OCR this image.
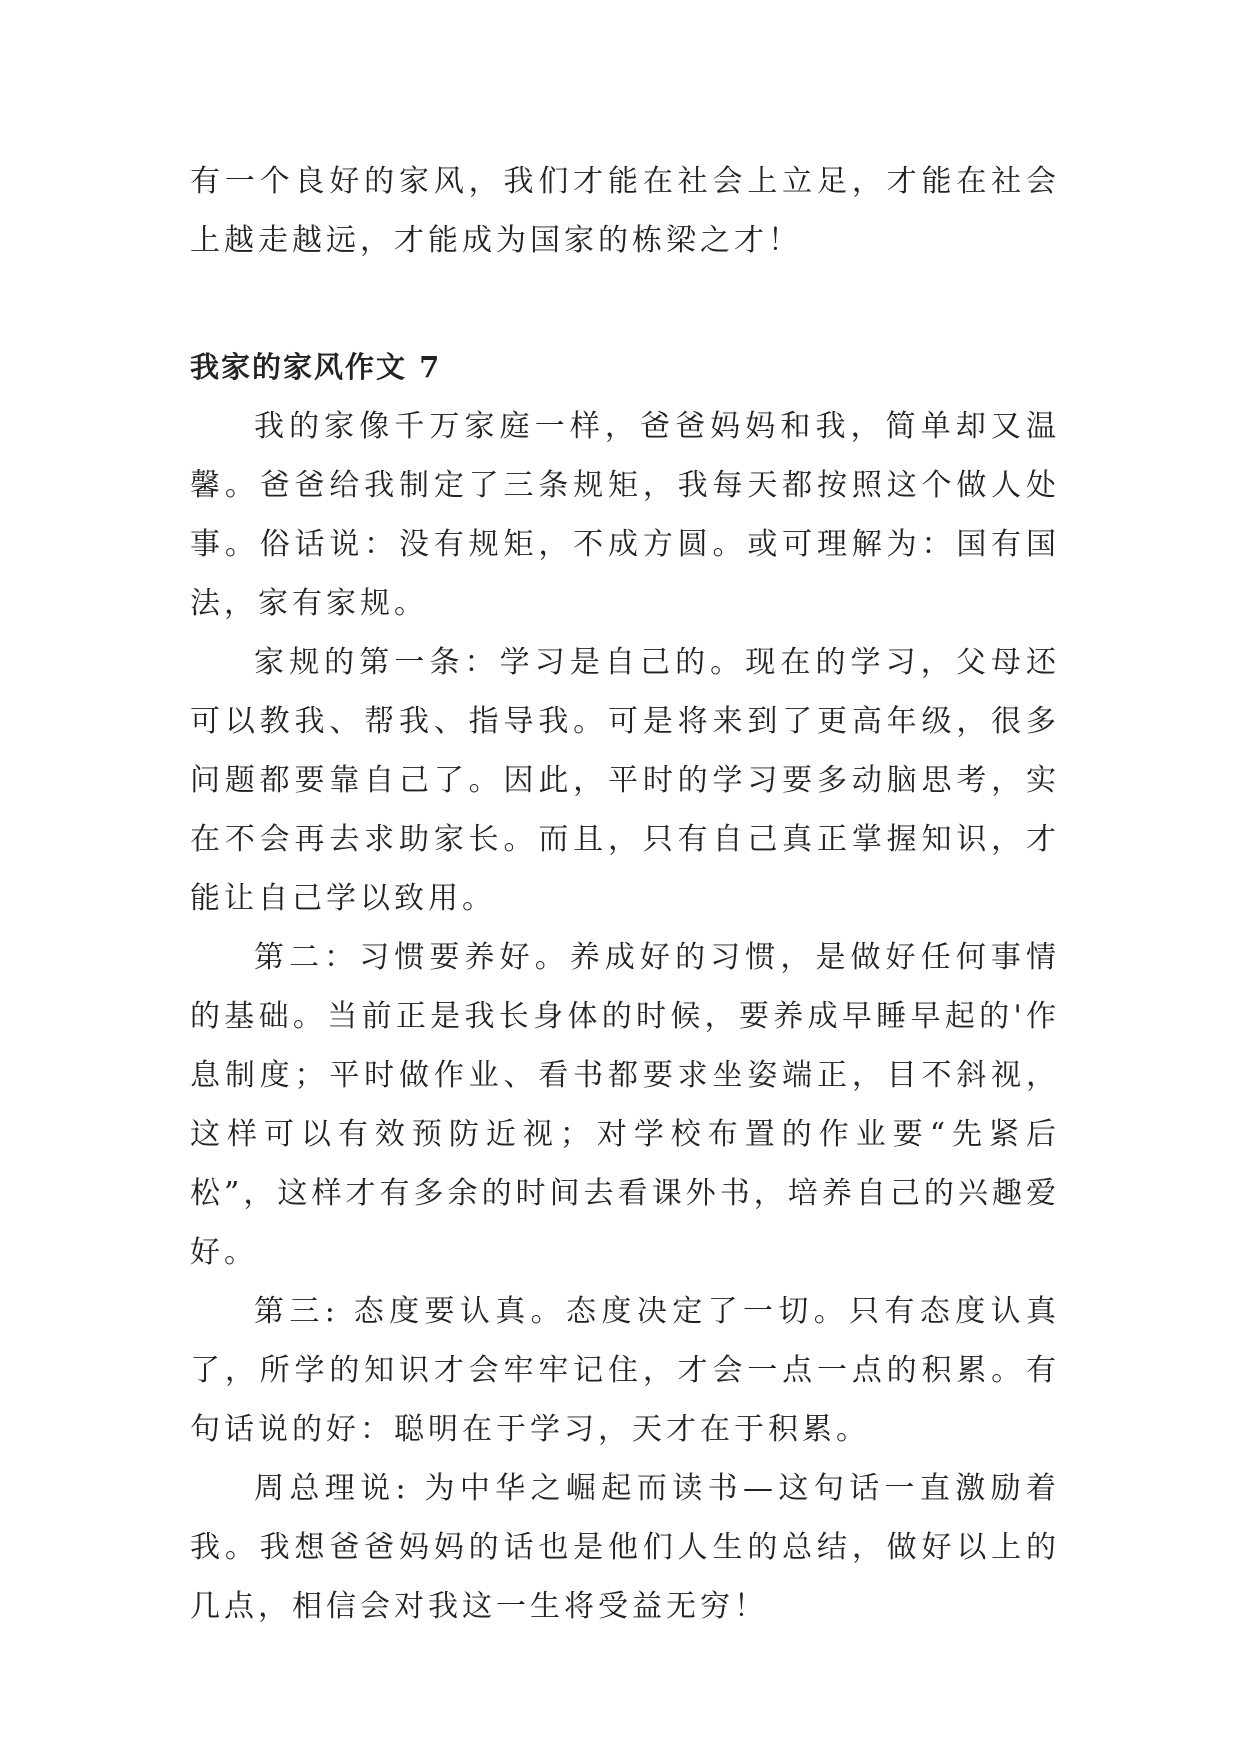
有一个良好的家风，我们才能在社会上立足，才能在社会上越走越远，才能成为国家的栋梁之才！

我家的家风作文 7

我的家像千万家庭一样，爸爸妈妈和我，简单却又温馨。爸爸给我制定了三条规矩，我每天都按照这个做人处事。俗话说：没有规矩，不成方圆。或可理解为：国有国法，家有家规。

家规的第一条：学习是自己的。现在的学习，父母还可以教我、帮我、指导我。可是将来到了更高年级，很多问题都要靠自己了。因此，平时的学习要多动脑思考，实在不会再去求助家长。而且，只有自己真正掌握知识，才能让自己学以致用。

第二：习惯要养好。养成好的习惯，是做好任何事情的基础。当前正是我长身体的时候，要养成早睡早起的'作息制度；平时做作业、看书都要求坐姿端正，目不斜视，这样可以有效预防近视；对学校布置的作业要“先紧后松”，这样才有多余的时间去看课外书，培养自己的兴趣爱好。

第三: 态度要认真。态度决定了一切。只有态度认真了，所学的知识才会牢牢记住，才会一点一点的积累。有句话说的好：聪明在于学习，天才在于积累。

周总理说: 为中华之崛起而读书—这句话一直激励着我。我想爸爸妈妈的话也是他们人生的总结，做好以上的几点，相信会对我这一生将受益无穷！
